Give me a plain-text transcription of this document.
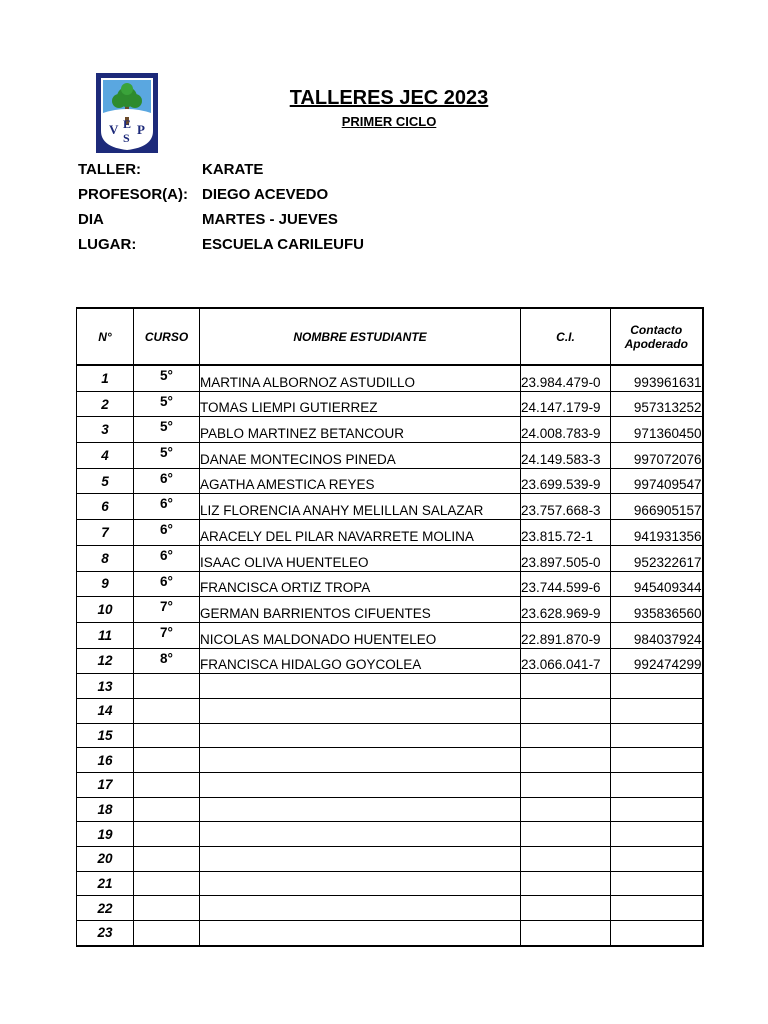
V E
S
P
TALLERES JEC 2023
PRIMER CICLO
TALLER:	KARATE
PROFESOR(A): DIEGO ACEVEDO
DIA	MARTES - JUEVES
LUGAR:	ESCUELA CARILEUFU
N°	CURSO	NOMBRE ESTUDIANTE	C.I.	Contacto
Apoderado

1	5°	MARTINA ALBORNOZ ASTUDILLO	23.984.479-0	993961631
2	5°	TOMAS LIEMPI GUTIERREZ	24.147.179-9	957313252
3	5°	PABLO MARTINEZ BETANCOUR	24.008.783-9	971360450
4	5°	DANAE MONTECINOS PINEDA	24.149.583-3	997072076
5	6°	AGATHA AMESTICA REYES	23.699.539-9	997409547
6	6°	LIZ FLORENCIA ANAHY MELILLAN SALAZAR	23.757.668-3	966905157
7	6°	ARACELY DEL PILAR NAVARRETE MOLINA	23.815.72-1	941931356
8	6°	ISAAC OLIVA HUENTELEO	23.897.505-0	952322617
9	6°	FRANCISCA ORTIZ TROPA	23.744.599-6	945409344
10	7°	GERMAN BARRIENTOS CIFUENTES	23.628.969-9	935836560
11	7°	NICOLAS MALDONADO HUENTELEO	22.891.870-9	984037924
12	8°	FRANCISCA HIDALGO GOYCOLEA	23.066.041-7	992474299
13				
14				
15				
16				
17				
18				
19				
20				
21				
22				
23				
